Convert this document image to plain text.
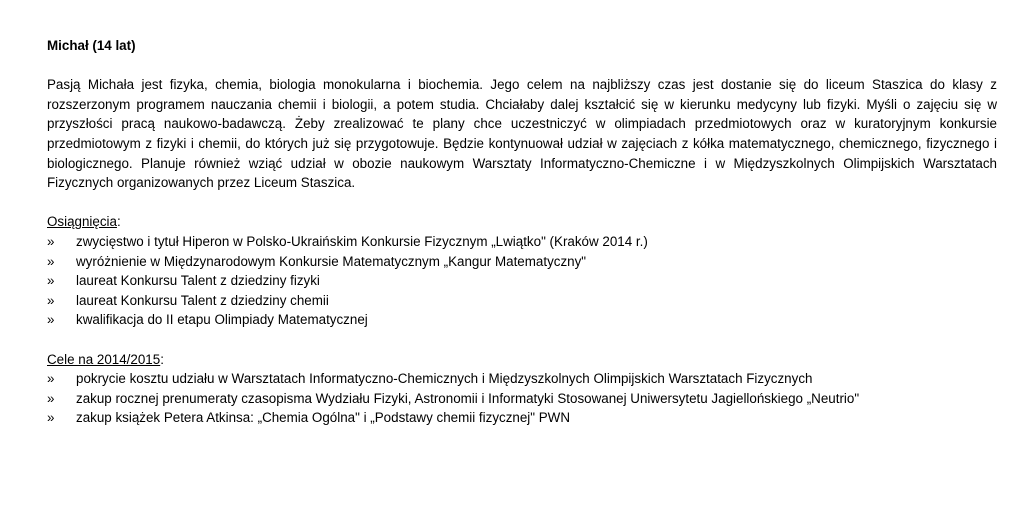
Michał (14 lat)

Pasją Michała jest fizyka, chemia, biologia monokularna i biochemia. Jego celem na najbliższy czas jest dostanie się do liceum Staszica do klasy z rozszerzonym programem nauczania chemii i biologii, a potem studia. Chciałaby dalej kształcić się w kierunku medycyny lub fizyki. Myśli o zajęciu się w przyszłości pracą naukowo-badawczą. Żeby zrealizować te plany chce uczestniczyć w olimpiadach przedmiotowych oraz w kuratoryjnym konkursie przedmiotowym z fizyki i chemii, do których już się przygotowuje. Będzie kontynuował udział w zajęciach z kółka matematycznego, chemicznego, fizycznego i biologicznego. Planuje również wziąć udział w obozie naukowym Warsztaty Informatyczno-Chemiczne i w Międzyszkolnych Olimpijskich Warsztatach Fizycznych organizowanych przez Liceum Staszica.

Osiągnięcia:

» zwycięstwo i tytuł Hiperon w Polsko-Ukraińskim Konkursie Fizycznym „Lwiątko" (Kraków 2014 r.)
» wyróżnienie w Międzynarodowym Konkursie Matematycznym „Kangur Matematyczny"
» laureat Konkursu Talent z dziedziny fizyki
» laureat Konkursu Talent z dziedziny chemii
» kwalifikacja do II etapu Olimpiady Matematycznej

Cele na 2014/2015:

» pokrycie kosztu udziału w Warsztatach Informatyczno-Chemicznych i Międzyszkolnych Olimpijskich Warsztatach Fizycznych
» zakup rocznej prenumeraty czasopisma Wydziału Fizyki, Astronomii i Informatyki Stosowanej Uniwersytetu Jagiellońskiego „Neutrio"
» zakup książek Petera Atkinsa: „Chemia Ogólna" i „Podstawy chemii fizycznej" PWN
